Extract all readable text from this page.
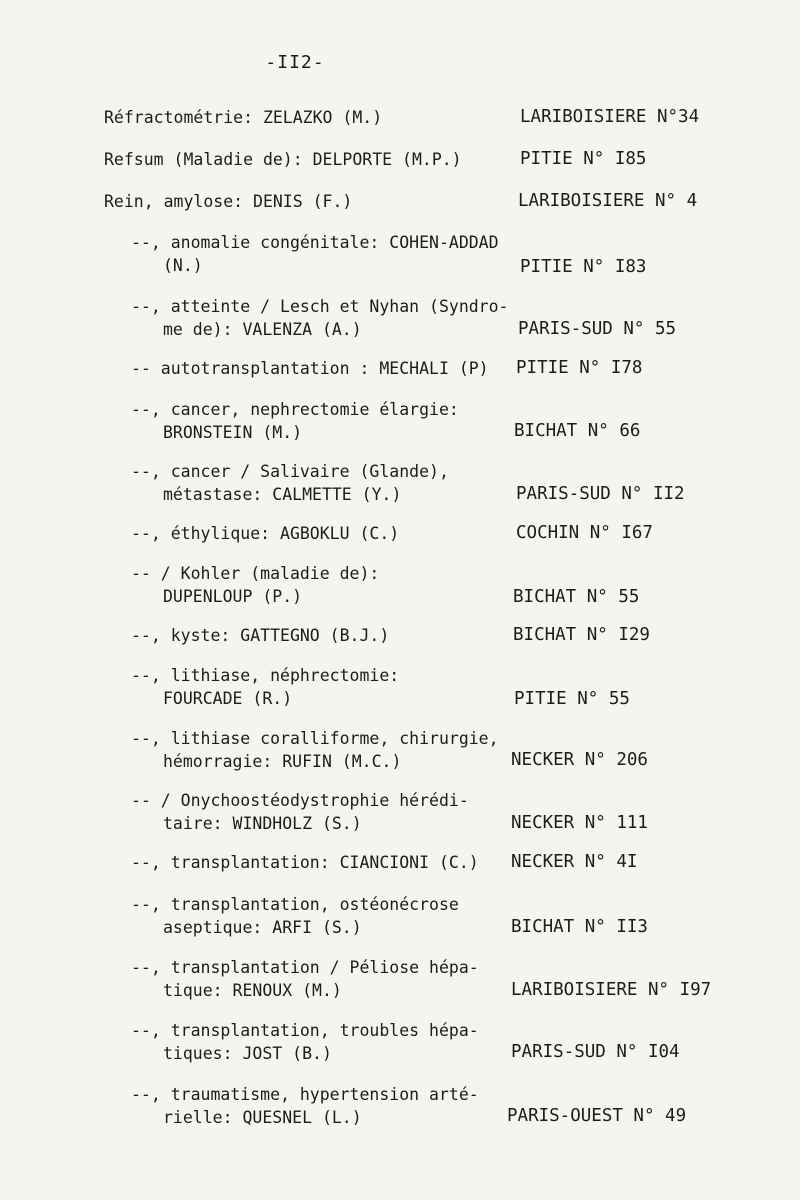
-II2-
Réfractométrie: ZELAZKO (M.)	LARIBOISIERE N°34
Refsum (Maladie de): DELPORTE (M.P.)	PITIE N° I85
Rein, amylose: DENIS (F.)	LARIBOISIERE N° 4
--, anomalie congénitale: COHEN-ADDAD
(N.)	PITIE N° I83
--, atteinte / Lesch et Nyhan (Syndro-
me de): VALENZA (A.)	PARIS-SUD N° 55
-- autotransplantation : MECHALI (P) PITIE N° I78
--, cancer, nephrectomie élargie:
BRONSTEIN (M.)	BICHAT N° 66
--, cancer / Salivaire (Glande),
métastase: CALMETTE (Y.)	PARIS-SUD N° II2
--, éthylique: AGBOKLU (C.)	COCHIN N° I67
-- / Kohler (maladie de):
DUPENLOUP (P.)	BICHAT N° 55
--, kyste: GATTEGNO (B.J.)	BICHAT N° I29
--, lithiase, néphrectomie:
FOURCADE (R.)	PITIE N° 55
--, lithiase coralliforme, chirurgie,
hémorragie: RUFIN (M.C.)	NECKER N° 206
-- / Onychoostéodystrophie hérédi-
taire: WINDHOLZ (S.)	NECKER N° 111
--, transplantation: CIANCIONI (C.) NECKER N° 4I
--, transplantation, ostéonécrose
aseptique: ARFI (S.)	BICHAT N° II3
--, transplantation / Péliose hépa-
tique: RENOUX (M.)	LARIBOISIERE N° I97
--, transplantation, troubles hépa-
tiques: JOST (B.)	PARIS-SUD N° I04
--, traumatisme, hypertension arté-
rielle: QUESNEL (L.)	PARIS-OUEST N° 49
